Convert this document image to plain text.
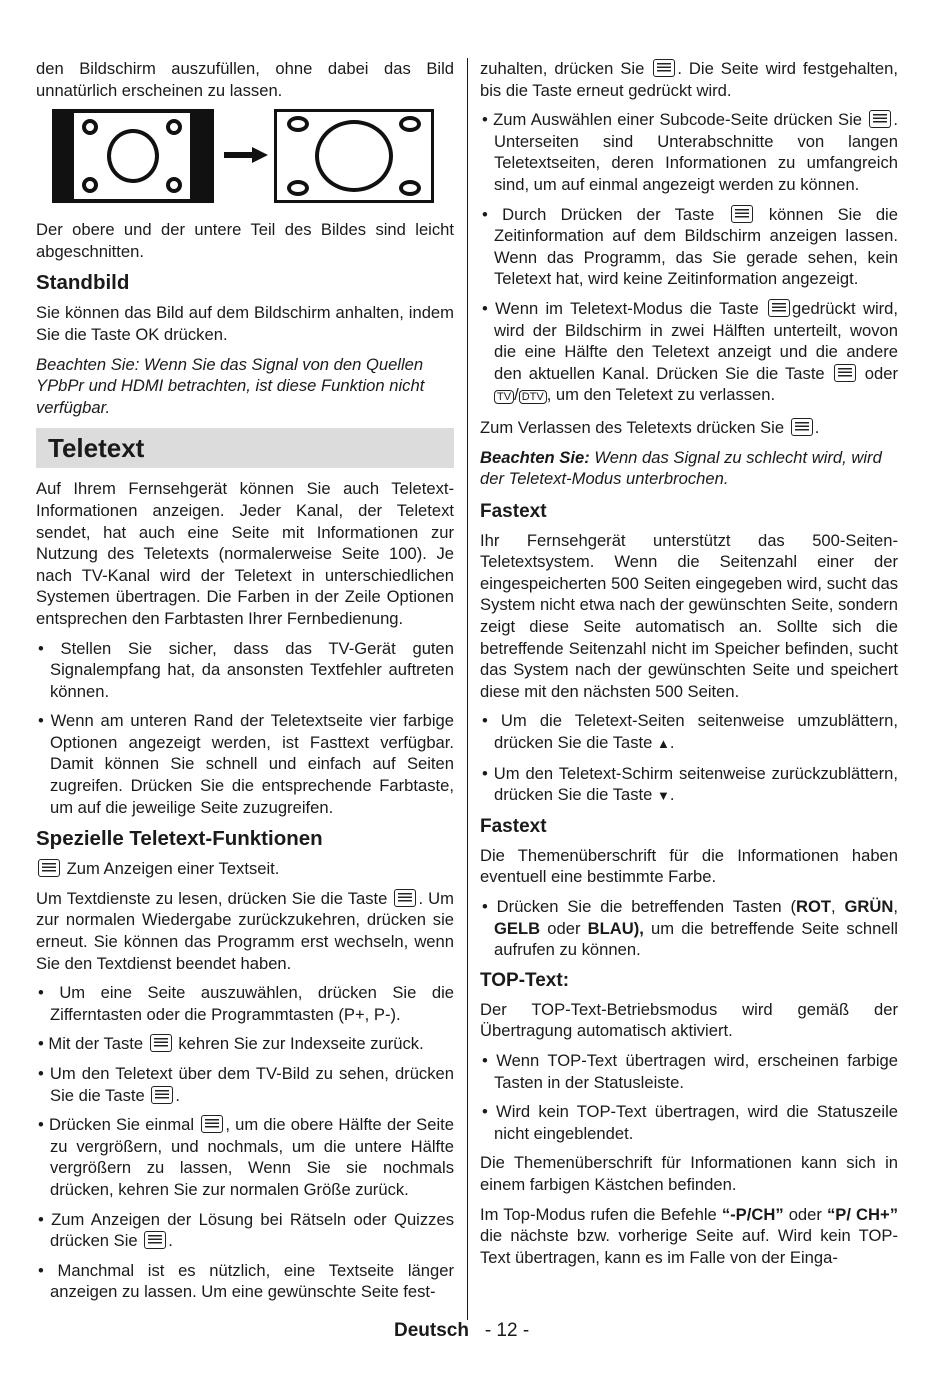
den Bildschirm auszufüllen, ohne dabei das Bild unnatürlich erscheinen zu lassen.

Der obere und der untere Teil des Bildes sind leicht abgeschnitten.

Standbild

Sie können das Bild auf dem Bildschirm anhalten, indem Sie die Taste OK drücken.

Beachten Sie: Wenn Sie das Signal von den Quellen YPbPr und HDMI betrachten, ist diese Funktion nicht verfügbar.

Teletext

Auf Ihrem Fernsehgerät können Sie auch Teletext-Informationen anzeigen. Jeder Kanal, der Teletext sendet, hat auch eine Seite mit Informationen zur Nutzung des Teletexts (normalerweise Seite 100). Je nach TV-Kanal wird der Teletext in unterschiedlichen Systemen übertragen. Die Farben in der Zeile Optionen entsprechen den Farbtasten Ihrer Fernbedienung.

• Stellen Sie sicher, dass das TV-Gerät guten Signalempfang hat, da ansonsten Textfehler auftreten können.

• Wenn am unteren Rand der Teletextseite vier farbige Optionen angezeigt werden, ist Fasttext verfügbar. Damit können Sie schnell und einfach auf Seiten zugreifen. Drücken Sie die entsprechende Farbtaste, um auf die jeweilige Seite zuzugreifen.

Spezielle Teletext-Funktionen

Zum Anzeigen einer Textseit.

Um Textdienste zu lesen, drücken Sie die Taste . Um zur normalen Wiedergabe zurückzukehren, drücken sie erneut. Sie können das Programm erst wechseln, wenn Sie den Textdienst beendet haben.

• Um eine Seite auszuwählen, drücken Sie die Zifferntasten oder die Programmtasten (P+, P-).

• Mit der Taste kehren Sie zur Indexseite zurück.

• Um den Teletext über dem TV-Bild zu sehen, drücken Sie die Taste .

• Drücken Sie einmal , um die obere Hälfte der Seite zu vergrößern, und nochmals, um die untere Hälfte vergrößern zu lassen, Wenn Sie sie nochmals drücken, kehren Sie zur normalen Größe zurück.

• Zum Anzeigen der Lösung bei Rätseln oder Quizzes drücken Sie .

• Manchmal ist es nützlich, eine Textseite länger anzeigen zu lassen. Um eine gewünschte Seite fest-

zuhalten, drücken Sie . Die Seite wird festgehalten, bis die Taste erneut gedrückt wird.

• Zum Auswählen einer Subcode-Seite drücken Sie . Unterseiten sind Unterabschnitte von langen Teletextseiten, deren Informationen zu umfangreich sind, um auf einmal angezeigt werden zu können.

• Durch Drücken der Taste	können Sie die Zeitinformation auf dem Bildschirm anzeigen lassen. Wenn das Programm, das Sie gerade sehen, kein Teletext hat, wird keine Zeitinformation angezeigt.

• Wenn im Teletext-Modus die Taste gedrückt wird, wird der Bildschirm in zwei Hälften unterteilt, wovon die eine Hälfte den Teletext anzeigt und die andere den aktuellen Kanal. Drücken Sie die Taste oder TV / DTV , um den Teletext zu verlassen.

Zum Verlassen des Teletexts drücken Sie .

Beachten Sie: Wenn das Signal zu schlecht wird, wird der Teletext-Modus unterbrochen.

Fastext

Ihr Fernsehgerät unterstützt das 500-Seiten-Teletextsystem. Wenn die Seitenzahl einer der eingespeicherten 500 Seiten eingegeben wird, sucht das System nicht etwa nach der gewünschten Seite, sondern zeigt diese Seite automatisch an. Sollte sich die betreffende Seitenzahl nicht im Speicher befinden, sucht das System nach der gewünschten Seite und speichert diese mit den nächsten 500 Seiten.

• Um die Teletext-Seiten seitenweise umzublättern, drücken Sie die Taste ▲.

• Um den Teletext-Schirm seitenweise zurückzublättern, drücken Sie die Taste ▼.

Fastext

Die Themenüberschrift für die Informationen haben eventuell eine bestimmte Farbe.

• Drücken Sie die betreffenden Tasten (ROT, GRÜN, GELB oder BLAU), um die betreffende Seite schnell aufrufen zu können.

TOP-Text:

Der TOP-Text-Betriebsmodus wird gemäß der Übertragung automatisch aktiviert.

• Wenn TOP-Text übertragen wird, erscheinen farbige Tasten in der Statusleiste.

• Wird kein TOP-Text übertragen, wird die Statuszeile nicht eingeblendet.

Die Themenüberschrift für Informationen kann sich in einem farbigen Kästchen befinden.

Im Top-Modus rufen die Befehle “-P/CH” oder “P/ CH+” die nächste bzw. vorherige Seite auf. Wird kein TOP-Text übertragen, kann es im Falle von der Einga-

Deutsch - 12 -
